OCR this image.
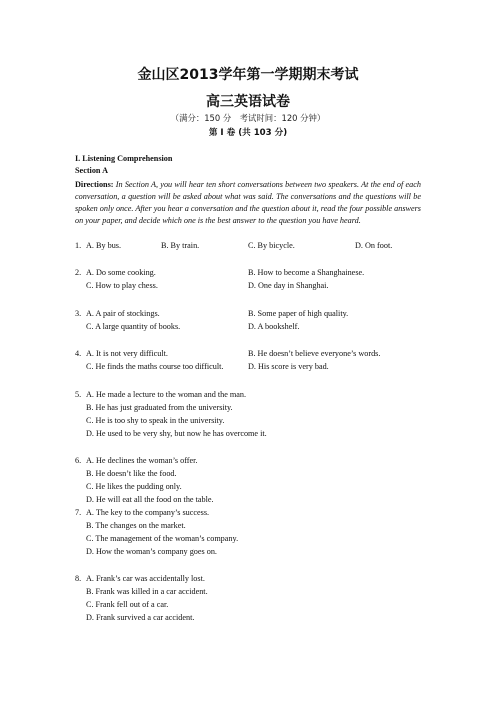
金山区2013学年第一学期期末考试
高三英语试卷
（满分：150 分　考试时间：120 分钟）
第 I 卷 (共 103 分)
I. Listening Comprehension
Section A
Directions: In Section A, you will hear ten short conversations between two speakers. At the end of each conversation, a question will be asked about what was said. The conversations and the questions will be spoken only once. After you hear a conversation and the question about it, read the four possible answers on your paper, and decide which one is the best answer to the question you have heard.
1. A. By bus.	B. By train.	C. By bicycle.	D. On foot.
2. A. Do some cooking.	B. How to become a Shanghainese.
C. How to play chess.	D. One day in Shanghai.
3. A. A pair of stockings.	B. Some paper of high quality.
C. A large quantity of books.	D. A bookshelf.
4. A. It is not very difficult.	B. He doesn’t believe everyone’s words.
C. He finds the maths course too difficult.	D. His score is very bad.
5. A. He made a lecture to the woman and the man.
B. He has just graduated from the university.
C. He is too shy to speak in the university.
D. He used to be very shy, but now he has overcome it.
6. A. He declines the woman’s offer.
B. He doesn’t like the food.
C. He likes the pudding only.
D. He will eat all the food on the table.
7. A. The key to the company’s success.
B. The changes on the market.
C. The management of the woman’s company.
D. How the woman’s company goes on.
8. A. Frank’s car was accidentally lost.
B. Frank was killed in a car accident.
C. Frank fell out of a car.
D. Frank survived a car accident.
